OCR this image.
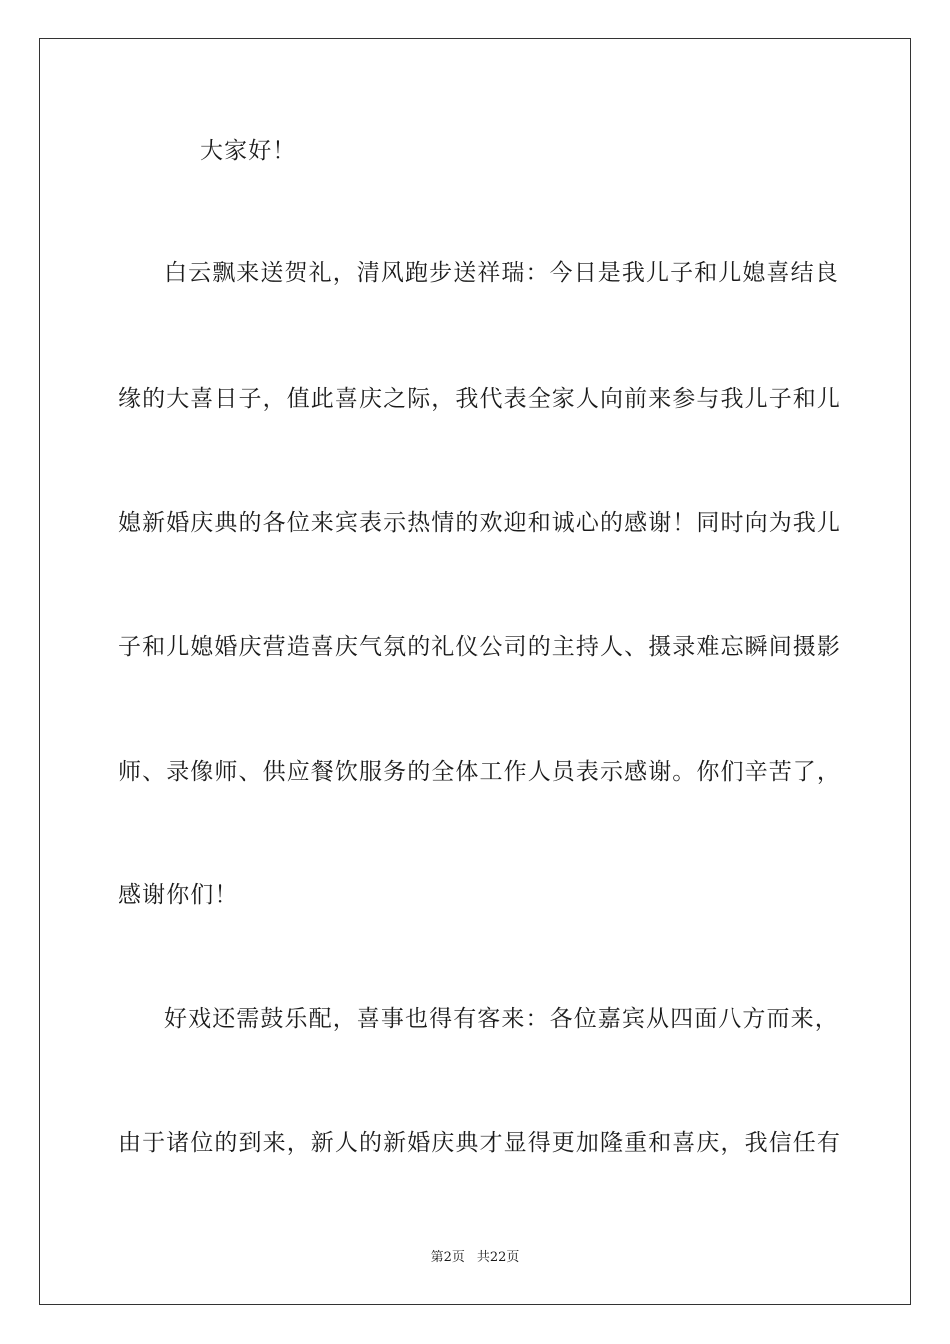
大家好！

白云飘来送贺礼，清风跑步送祥瑞：今日是我儿子和儿媳喜结良

缘的大喜日子，值此喜庆之际，我代表全家人向前来参与我儿子和儿

媳新婚庆典的各位来宾表示热情的欢迎和诚心的感谢！同时向为我儿

子和儿媳婚庆营造喜庆气氛的礼仪公司的主持人、摄录难忘瞬间摄影

师、录像师、供应餐饮服务的全体工作人员表示感谢。你们辛苦了，

感谢你们！

好戏还需鼓乐配，喜事也得有客来：各位嘉宾从四面八方而来，

由于诸位的到来，新人的新婚庆典才显得更加隆重和喜庆，我信任有

第2页 共22页
